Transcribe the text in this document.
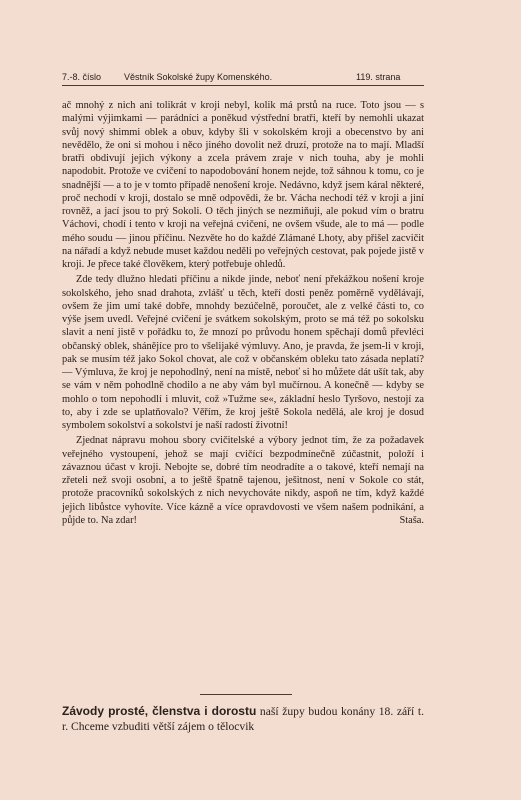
7.-8. číslo	Věstník Sokolské župy Komenského.	119. strana

ač mnohý z nich ani tolikrát v kroji nebyl, kolik má prstů na ruce. Toto jsou — s malými výjimkami — parádníci a poněkud výstřední bratři, kteří by nemohli ukazat svůj nový shimmi oblek a obuv, kdyby šli v sokolském kroji a obecenstvo by ani nevědělo, že oni si mohou i něco jiného dovolit než druzí, protože na to mají. Mladší bratři obdivují jejich výkony a zcela právem zraje v nich touha, aby je mohli napodobit. Protože ve cvičení to napodobování honem nejde, tož sáhnou k tomu, co je snadnější — a to je v tomto případě nenošení kroje. Nedávno, když jsem káral některé, proč nechodí v kroji, dostalo se mně odpovědi, že br. Vácha nechodí též v kroji a jiní rovněž, a jací jsou to prý Sokoli. O těch jiných se nezmiňuji, ale pokud vím o bratru Váchovi, chodí i tento v kroji na veřejná cvičení, ne ovšem všude, ale to má — podle mého soudu — jinou příčinu. Nezvěte ho do každé Zlámané Lhoty, aby přišel zacvičit na nářadí a když nebude muset každou neděli po veřejných cestovat, pak pojede jistě v kroji. Je přece také člověkem, který potřebuje ohledů.

Zde tedy dlužno hledati příčinu a nikde jinde, neboť není překážkou nošení kroje sokolského, jeho snad drahota, zvlášť u těch, kteří dosti peněz poměrně vydělávají, ovšem že jim umí také dobře, mnohdy bezúčelně, poroučet, ale z velké části to, co výše jsem uvedl. Veřejné cvičení je svátkem sokolským, proto se má též po sokolsku slavit a není jistě v pořádku to, že mnozí po průvodu honem spěchají domů převléci občanský oblek, shánějíce pro to všelijaké výmluvy. Ano, je pravda, že jsem-li v kroji, pak se musím též jako Sokol chovat, ale což v občanském obleku tato zásada neplatí? — Výmluva, že kroj je nepohodlný, není na místě, neboť si ho můžete dát ušít tak, aby se vám v něm pohodlně chodilo a ne aby vám byl mučírnou. A konečně — kdyby se mohlo o tom nepohodlí i mluvit, což »Tužme se«, základní heslo Tyršovo, nestojí za to, aby i zde se uplatňovalo? Věřím, že kroj ještě Sokola nedělá, ale kroj je dosud symbolem sokolství a sokolství je naší radostí životní!

Zjednat nápravu mohou sbory cvičitelské a výbory jednot tím, že za požadavek veřejného vystoupení, jehož se mají cvičící bezpodmínečně zúčastnit, položí i závaznou účast v kroji. Nebojte se, dobré tím neodradíte a o takové, kteří nemají na zřeteli než svoji osobní, a to ještě špatně tajenou, ješitnost, není v Sokole co stát, protože pracovníků sokolských z nich nevychováte nikdy, aspoň ne tím, když každé jejich libůstce vyhovíte. Více kázně a více opravdovosti ve všem našem podnikání, a půjde to. Na zdar!	Staša.

Závody prosté, členstva i dorostu naší župy budou konány 18. září t. r. Chceme vzbuditi větší zájem o tělocvik
